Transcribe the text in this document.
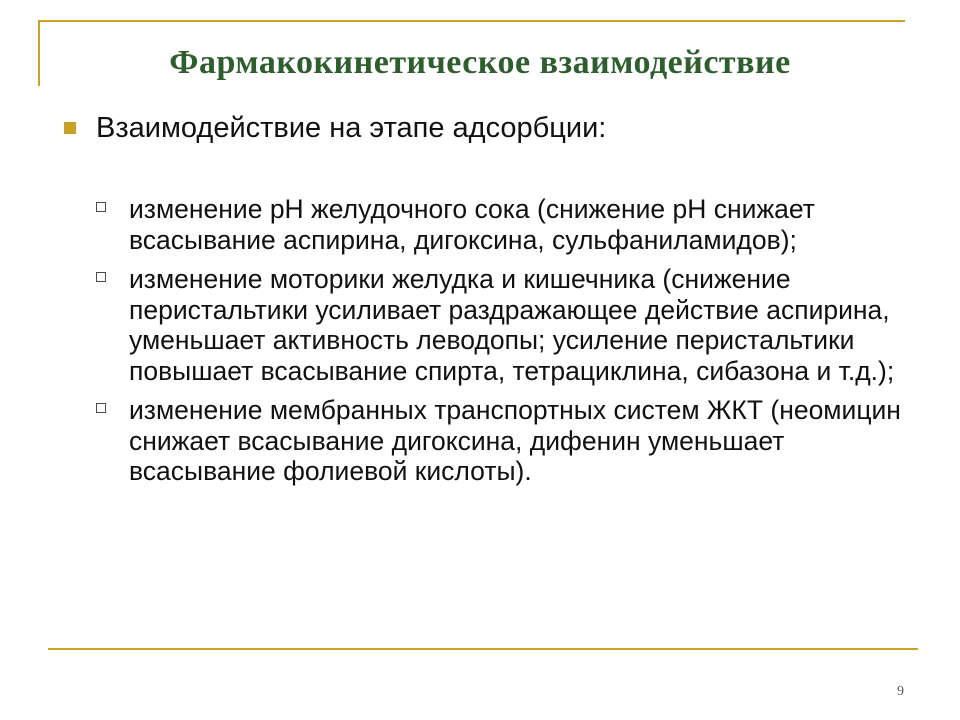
Фармакокинетическое взаимодействие
Взаимодействие на этапе адсорбции:
изменение рН желудочного сока (снижение рН снижает всасывание аспирина, дигоксина, сульфаниламидов);
изменение моторики желудка и кишечника (снижение перистальтики усиливает раздражающее действие аспирина, уменьшает активность леводопы; усиление перистальтики повышает всасывание спирта, тетрациклина, сибазона и т.д.);
изменение мембранных транспортных систем ЖКТ (неомицин снижает всасывание дигоксина, дифенин уменьшает всасывание фолиевой кислоты).
9
